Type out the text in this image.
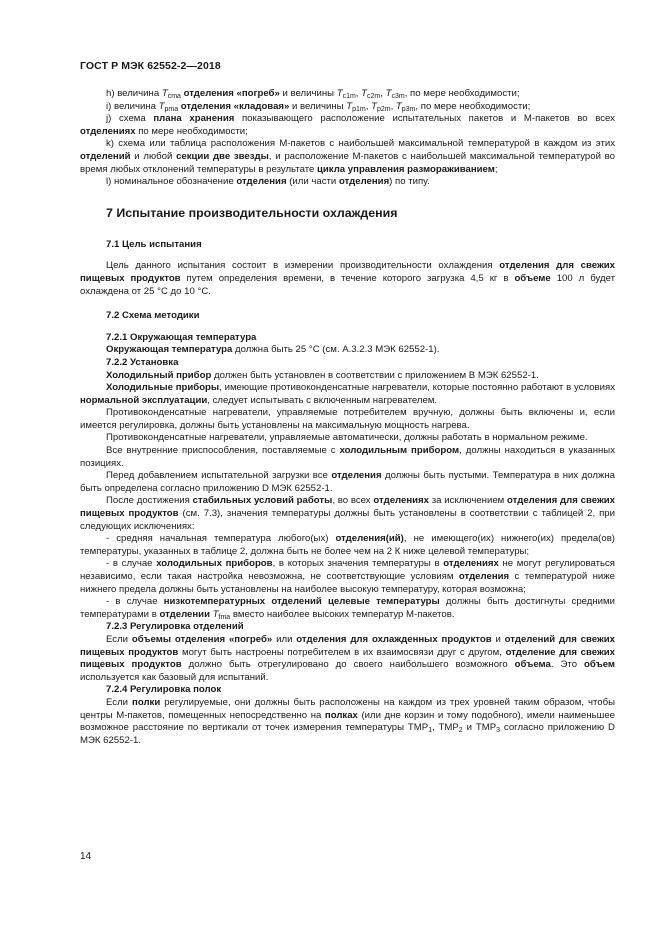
ГОСТ Р МЭК 62552-2—2018

h) величина $T_{cma}$ отделения «погреб» и величины $T_{c1m}$, $T_{c2m}$, $T_{c3m}$, по мере необходимости;

i) величина $T_{pma}$ отделения «кладовая» и величины $T_{p1m}$, $T_{p2m}$, $T_{p3m}$, по мере необходимости;

j) схема плана хранения показывающего расположение испытательных пакетов и М-пакетов во всех отделениях по мере необходимости;

k) схема или таблица расположения М-пакетов с наибольшей максимальной температурой в каждом из этих отделений и любой секции две звезды, и расположение М-пакетов с наибольшей максимальной температурой во время любых отклонений температуры в результате цикла управления размораживанием;

l) номинальное обозначение отделения (или части отделения) по типу.

7 Испытание производительности охлаждения

7.1 Цель испытания

Цель данного испытания состоит в измерении производительности охлаждения отделения для свежих пищевых продуктов путем определения времени, в течение которого загрузка 4,5 кг в объеме 100 л будет охлаждена от 25 °С до 10 °С.

7.2 Схема методики

7.2.1 Окружающая температура

Окружающая температура должна быть 25 °С (см. А.3.2.3 МЭК 62552-1).

7.2.2 Установка

Холодильный прибор должен быть установлен в соответствии с приложением В МЭК 62552-1.

Холодильные приборы, имеющие противоконденсатные нагреватели, которые постоянно работают в условиях нормальной эксплуатации, следует испытывать с включенным нагревателем.

Противоконденсатные нагреватели, управляемые потребителем вручную, должны быть включены и, если имеется регулировка, должны быть установлены на максимальную мощность нагрева.

Противоконденсатные нагреватели, управляемые автоматически, должны работать в нормальном режиме.

Все внутренние приспособления, поставляемые с холодильным прибором, должны находиться в указанных позициях.

Перед добавлением испытательной загрузки все отделения должны быть пустыми. Температура в них должна быть определена согласно приложению D МЭК 62552-1.

После достижения стабильных условий работы, во всех отделениях за исключением отделения для свежих пищевых продуктов (см. 7.3), значения температуры должны быть установлены в соответствии с таблицей 2, при следующих исключениях:

- средняя начальная температура любого(ых) отделения(ий), не имеющего(их) нижнего(их) предела(ов) температуры, указанных в таблице 2, должна быть не более чем на 2 К ниже целевой температуры;

- в случае холодильных приборов, в которых значения температуры в отделениях не могут регулироваться независимо, если такая настройка невозможна, не соответствующие условиям отделения с температурой ниже нижнего предела должны быть установлены на наиболее высокую температуру, которая возможна;

- в случае низкотемпературных отделений целевые температуры должны быть достигнуты средними температурами в отделении $T_{fma}$ вместо наиболее высоких температур М-пакетов.

7.2.3 Регулировка отделений

Если объемы отделения «погреб» или отделения для охлажденных продуктов и отделений для свежих пищевых продуктов могут быть настроены потребителем в их взаимосвязи друг с другом, отделение для свежих пищевых продуктов должно быть отрегулировано до своего наибольшего возможного объема. Это объем используется как базовый для испытаний.

7.2.4 Регулировка полок

Если полки регулируемые, они должны быть расположены на каждом из трех уровней таким образом, чтобы центры М-пакетов, помещенных непосредственно на полках (или дне корзин и тому подобного), имели наименьшее возможное расстояние по вертикали от точек измерения температуры $TMP_1$, $TMP_2$ и $TMP_3$ согласно приложению D МЭК 62552-1.

14
